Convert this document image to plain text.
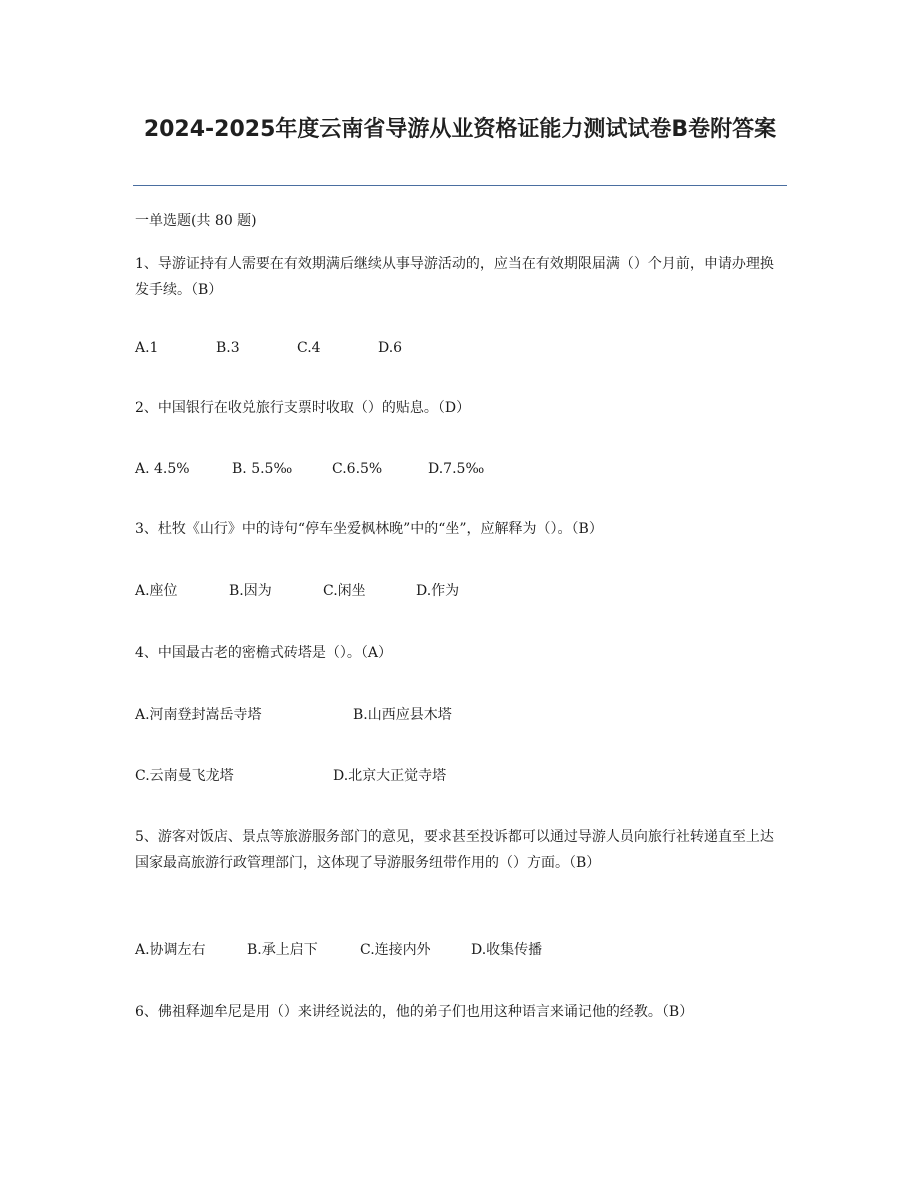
2024-2025年度云南省导游从业资格证能力测试试卷B卷附答案
一单选题(共 80 题)

1、导游证持有人需要在有效期满后继续从事导游活动的，应当在有效期限届满（）个月前，申请办理换发手续。（B）

A.1	B.3	C.4	D.6

2、中国银行在收兑旅行支票时收取（）的贴息。（D）

A. 4.5%	B. 5.5‰	C.6.5%	D.7.5‰

3、杜牧《山行》中的诗句“停车坐爱枫林晚”中的“坐”，应解释为（）。（B）

A.座位	B.因为	C.闲坐	D.作为

4、中国最古老的密檐式砖塔是（）。（A）

A.河南登封嵩岳寺塔	B.山西应县木塔
C.云南曼飞龙塔	D.北京大正觉寺塔

5、游客对饭店、景点等旅游服务部门的意见，要求甚至投诉都可以通过导游人员向旅行社转递直至上达国家最高旅游行政管理部门，这体现了导游服务纽带作用的（）方面。（B）

A.协调左右	B.承上启下	C.连接内外	D.收集传播

6、佛祖释迦牟尼是用（）来讲经说法的，他的弟子们也用这种语言来诵记他的经教。（B）
